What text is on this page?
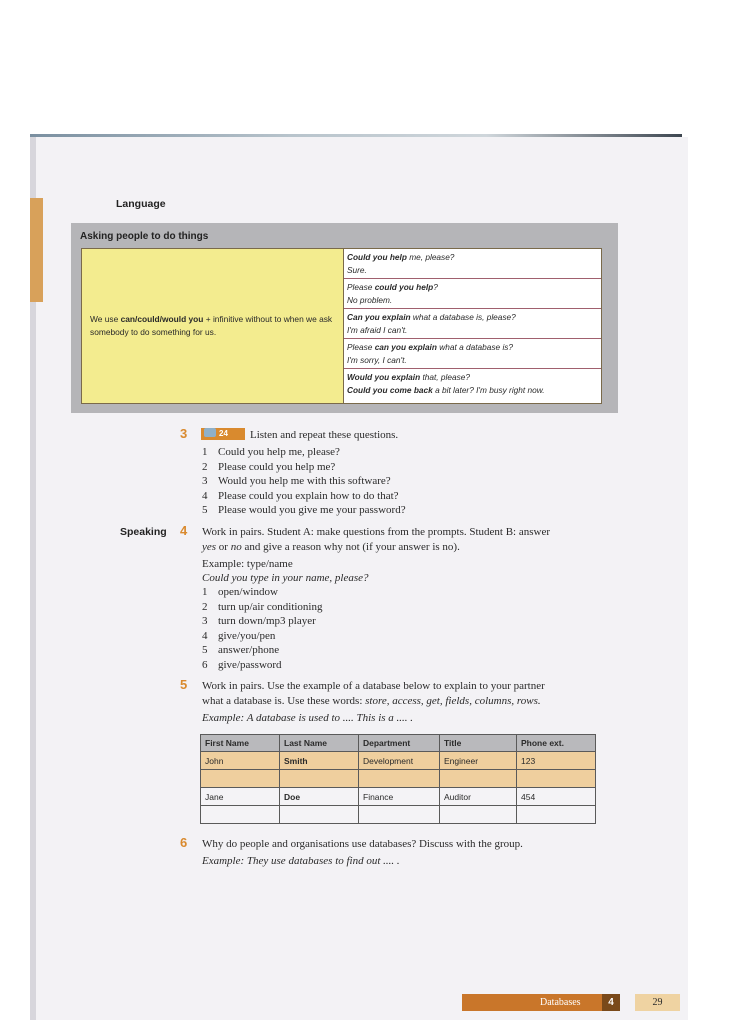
Language
Asking people to do things
We use can/could/would you + infinitive without to when we ask somebody to do something for us.
Could you help me, please?
Sure.
Please could you help?
No problem.
Can you explain what a database is, please?
I'm afraid I can't.
Please can you explain what a database is?
I'm sorry, I can't.
Would you explain that, please?
Could you come back a bit later? I'm busy right now.
3	24	Listen and repeat these questions.
1 Could you help me, please?
2 Please could you help me?
3 Would you help me with this software?
4 Please could you explain how to do that?
5 Please would you give me your password?
Speaking 4 Work in pairs. Student A: make questions from the prompts. Student B: answer
yes or no and give a reason why not (if your answer is no).
Example: type/name
Could you type in your name, please?
1 open/window
2 turn up/air conditioning
3 turn down/mp3 player
4 give/you/pen
5 answer/phone
6 give/password
5 Work in pairs. Use the example of a database below to explain to your partner
what a database is. Use these words: store, access, get, fields, columns, rows.
Example: A database is used to .... This is a .... .
First Name	Last Name	Department	Title	Phone ext.
John	Smith	Development	Engineer	123

Jane	Doe	Finance	Auditor	454

6 Why do people and organisations use databases? Discuss with the group.
Example: They use databases to find out .... .
Databases	4	29
